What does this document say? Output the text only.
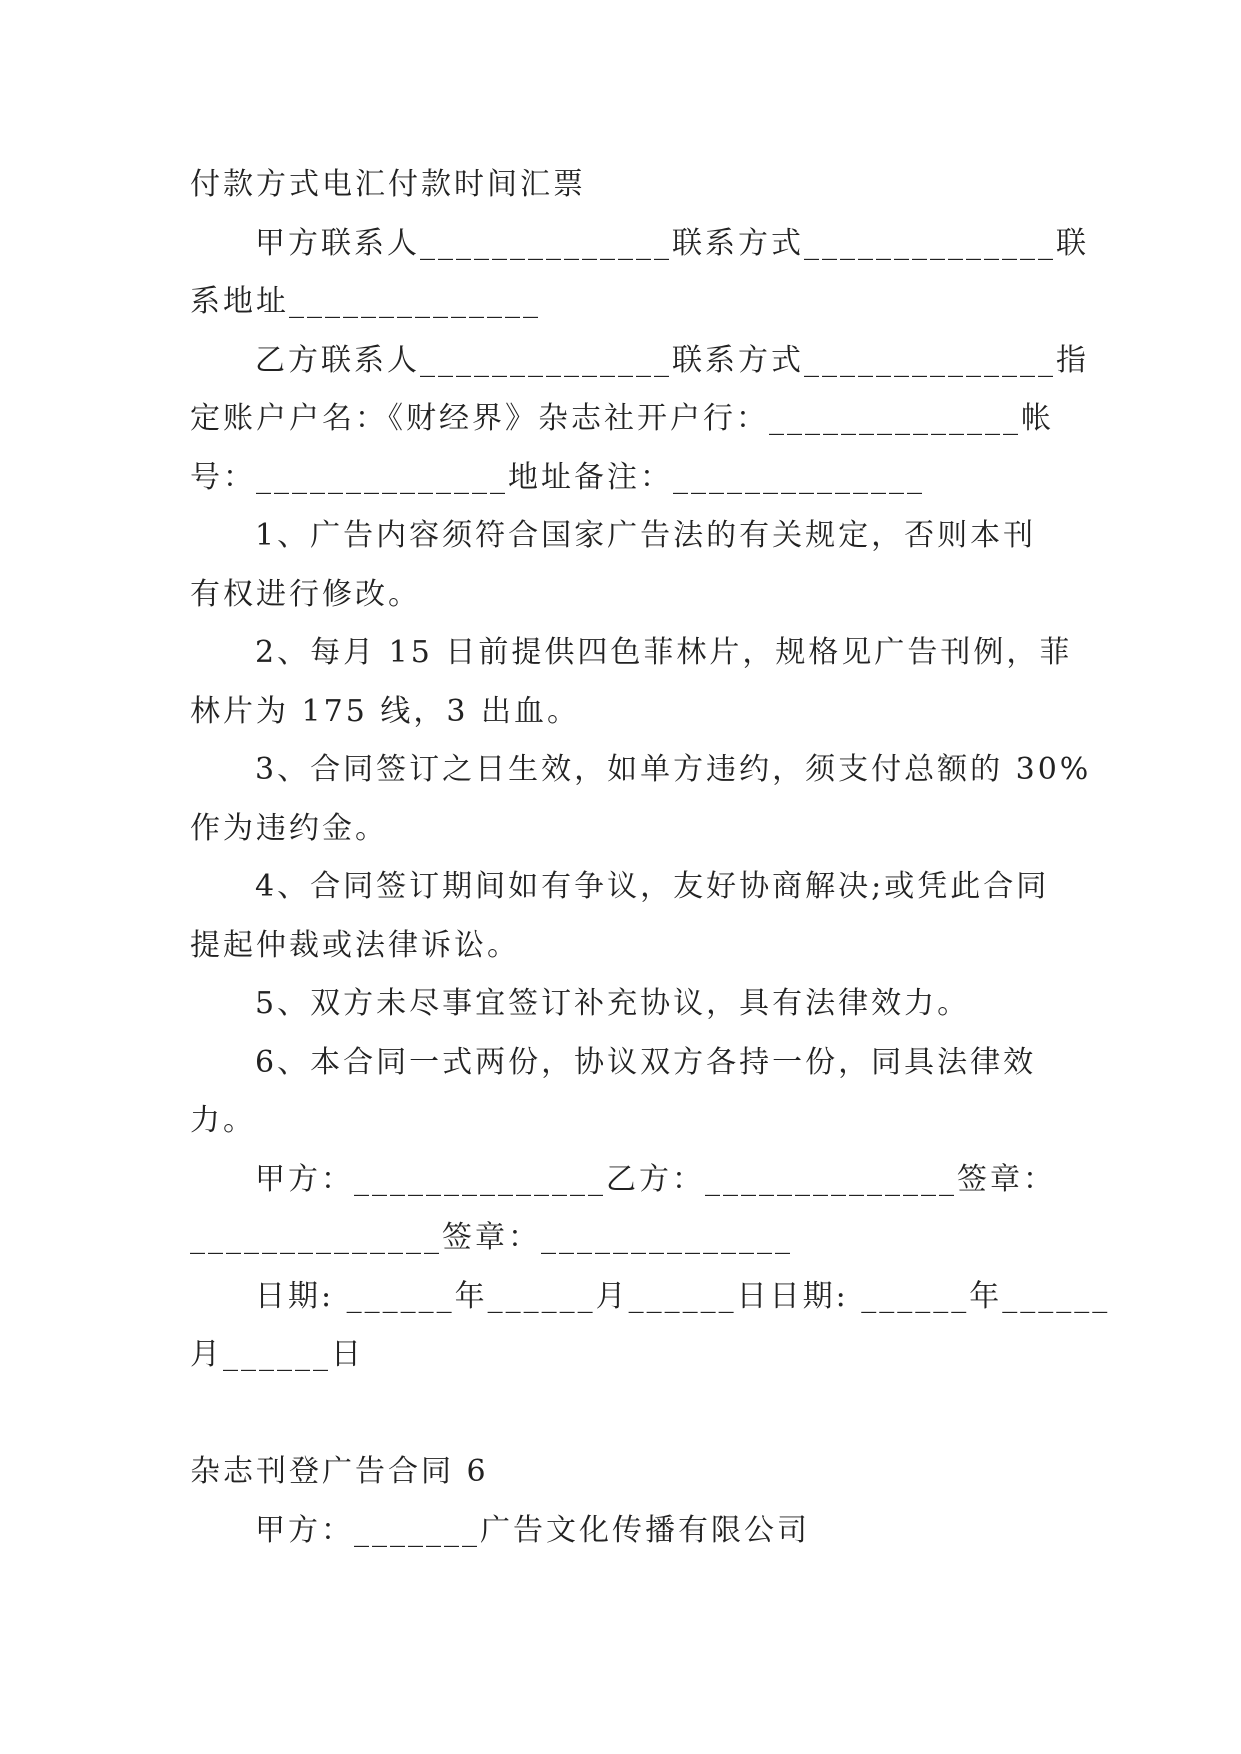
付款方式电汇付款时间汇票
甲方联系人______________联系方式______________联
系地址______________
乙方联系人______________联系方式______________指
定账户户名：《财经界》杂志社开户行：______________帐
号：______________地址备注：______________
1、广告内容须符合国家广告法的有关规定，否则本刊
有权进行修改。
2、每月 15 日前提供四色菲林片，规格见广告刊例，菲
林片为 175 线，3 出血。
3、合同签订之日生效，如单方违约，须支付总额的 30%
作为违约金。
4、合同签订期间如有争议，友好协商解决;或凭此合同
提起仲裁或法律诉讼。
5、双方未尽事宜签订补充协议，具有法律效力。
6、本合同一式两份，协议双方各持一份，同具法律效
力。
甲方：______________乙方：______________签章：
______________签章：______________
日期: ______年______月______日日期: ______年______
月______日
杂志刊登广告合同 6
甲方：_______广告文化传播有限公司
